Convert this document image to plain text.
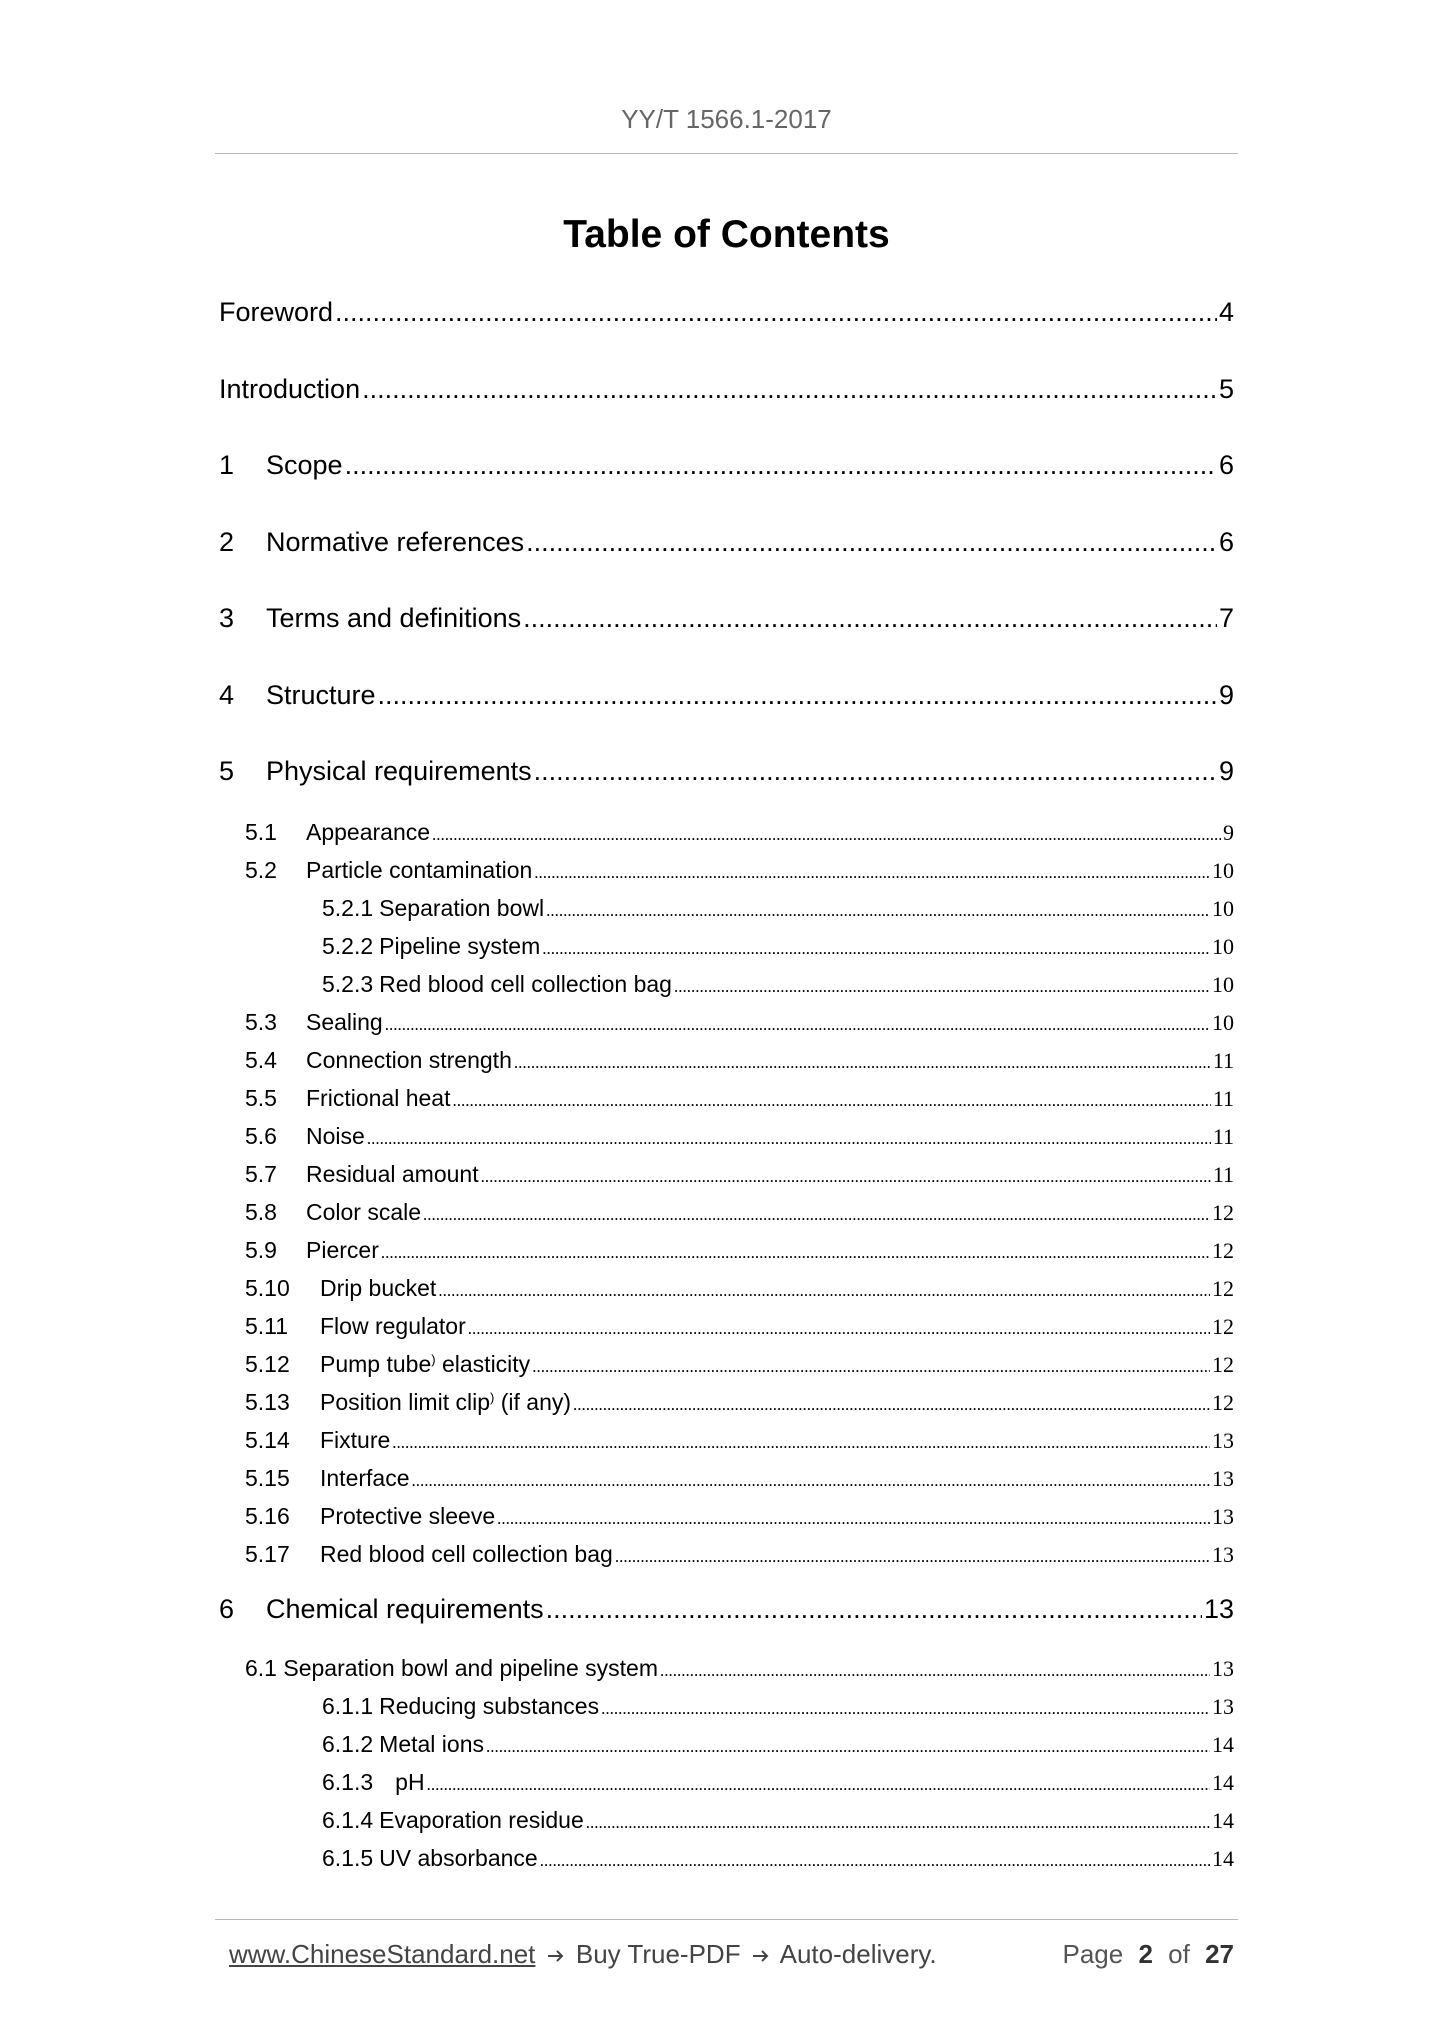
YY/T 1566.1-2017
Table of Contents
Foreword .....	4
Introduction .....	5
1	Scope .....	6
2	Normative references .....	6
3	Terms and definitions .....	7
4	Structure .....	9
5	Physical requirements .....	9
5.1	Appearance .....	9
5.2	Particle contamination .....	10
5.2.1 Separation bowl .....	10
5.2.2 Pipeline system .....	10
5.2.3 Red blood cell collection bag .....	10
5.3	Sealing .....	10
5.4	Connection strength .....	11
5.5	Frictional heat .....	11
5.6	Noise .....	11
5.7	Residual amount .....	11
5.8	Color scale .....	12
5.9	Piercer .....	12
5.10	Drip bucket .....	12
5.11	Flow regulator .....	12
5.12	Pump tube) elasticity .....	12
5.13	Position limit clip) (if any) .....	12
5.14	Fixture .....	13
5.15	Interface .....	13
5.16	Protective sleeve .....	13
5.17	Red blood cell collection bag .....	13
6	Chemical requirements .....	13
6.1 Separation bowl and pipeline system .....	13
6.1.1 Reducing substances .....	13
6.1.2 Metal ions .....	14
6.1.3 pH .....	14
6.1.4 Evaporation residue .....	14
6.1.5 UV absorbance .....	14
www.ChineseStandard.net Buy True-PDF Auto-delivery.	Page 2 of 27
